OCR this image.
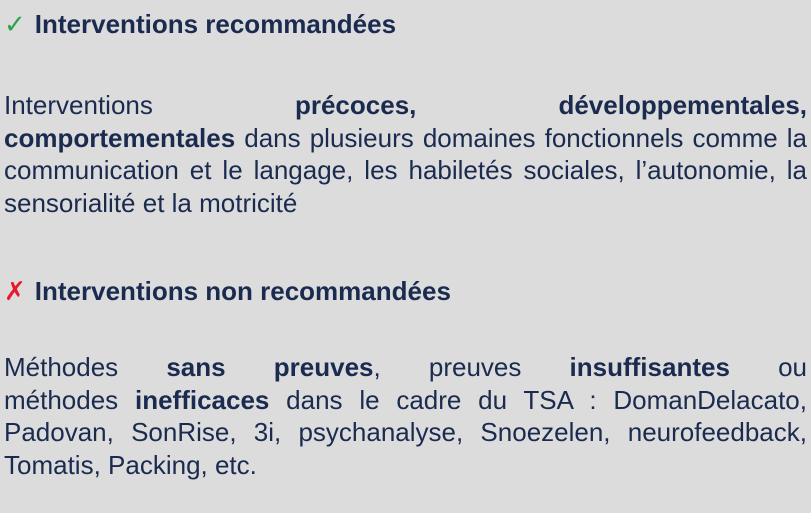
✓ Interventions recommandées
Interventions précoces, développementales,
comportementales dans plusieurs domaines fonctionnels comme la
communication et le langage, les habiletés sociales, l’autonomie, la
sensorialité et la motricité
✗ Interventions non recommandées
Méthodes sans preuves, preuves insuffisantes ou
méthodes inefficaces dans le cadre du TSA : DomanDelacato,
Padovan, SonRise, 3i, psychanalyse, Snoezelen, neurofeedback,
Tomatis, Packing, etc.
